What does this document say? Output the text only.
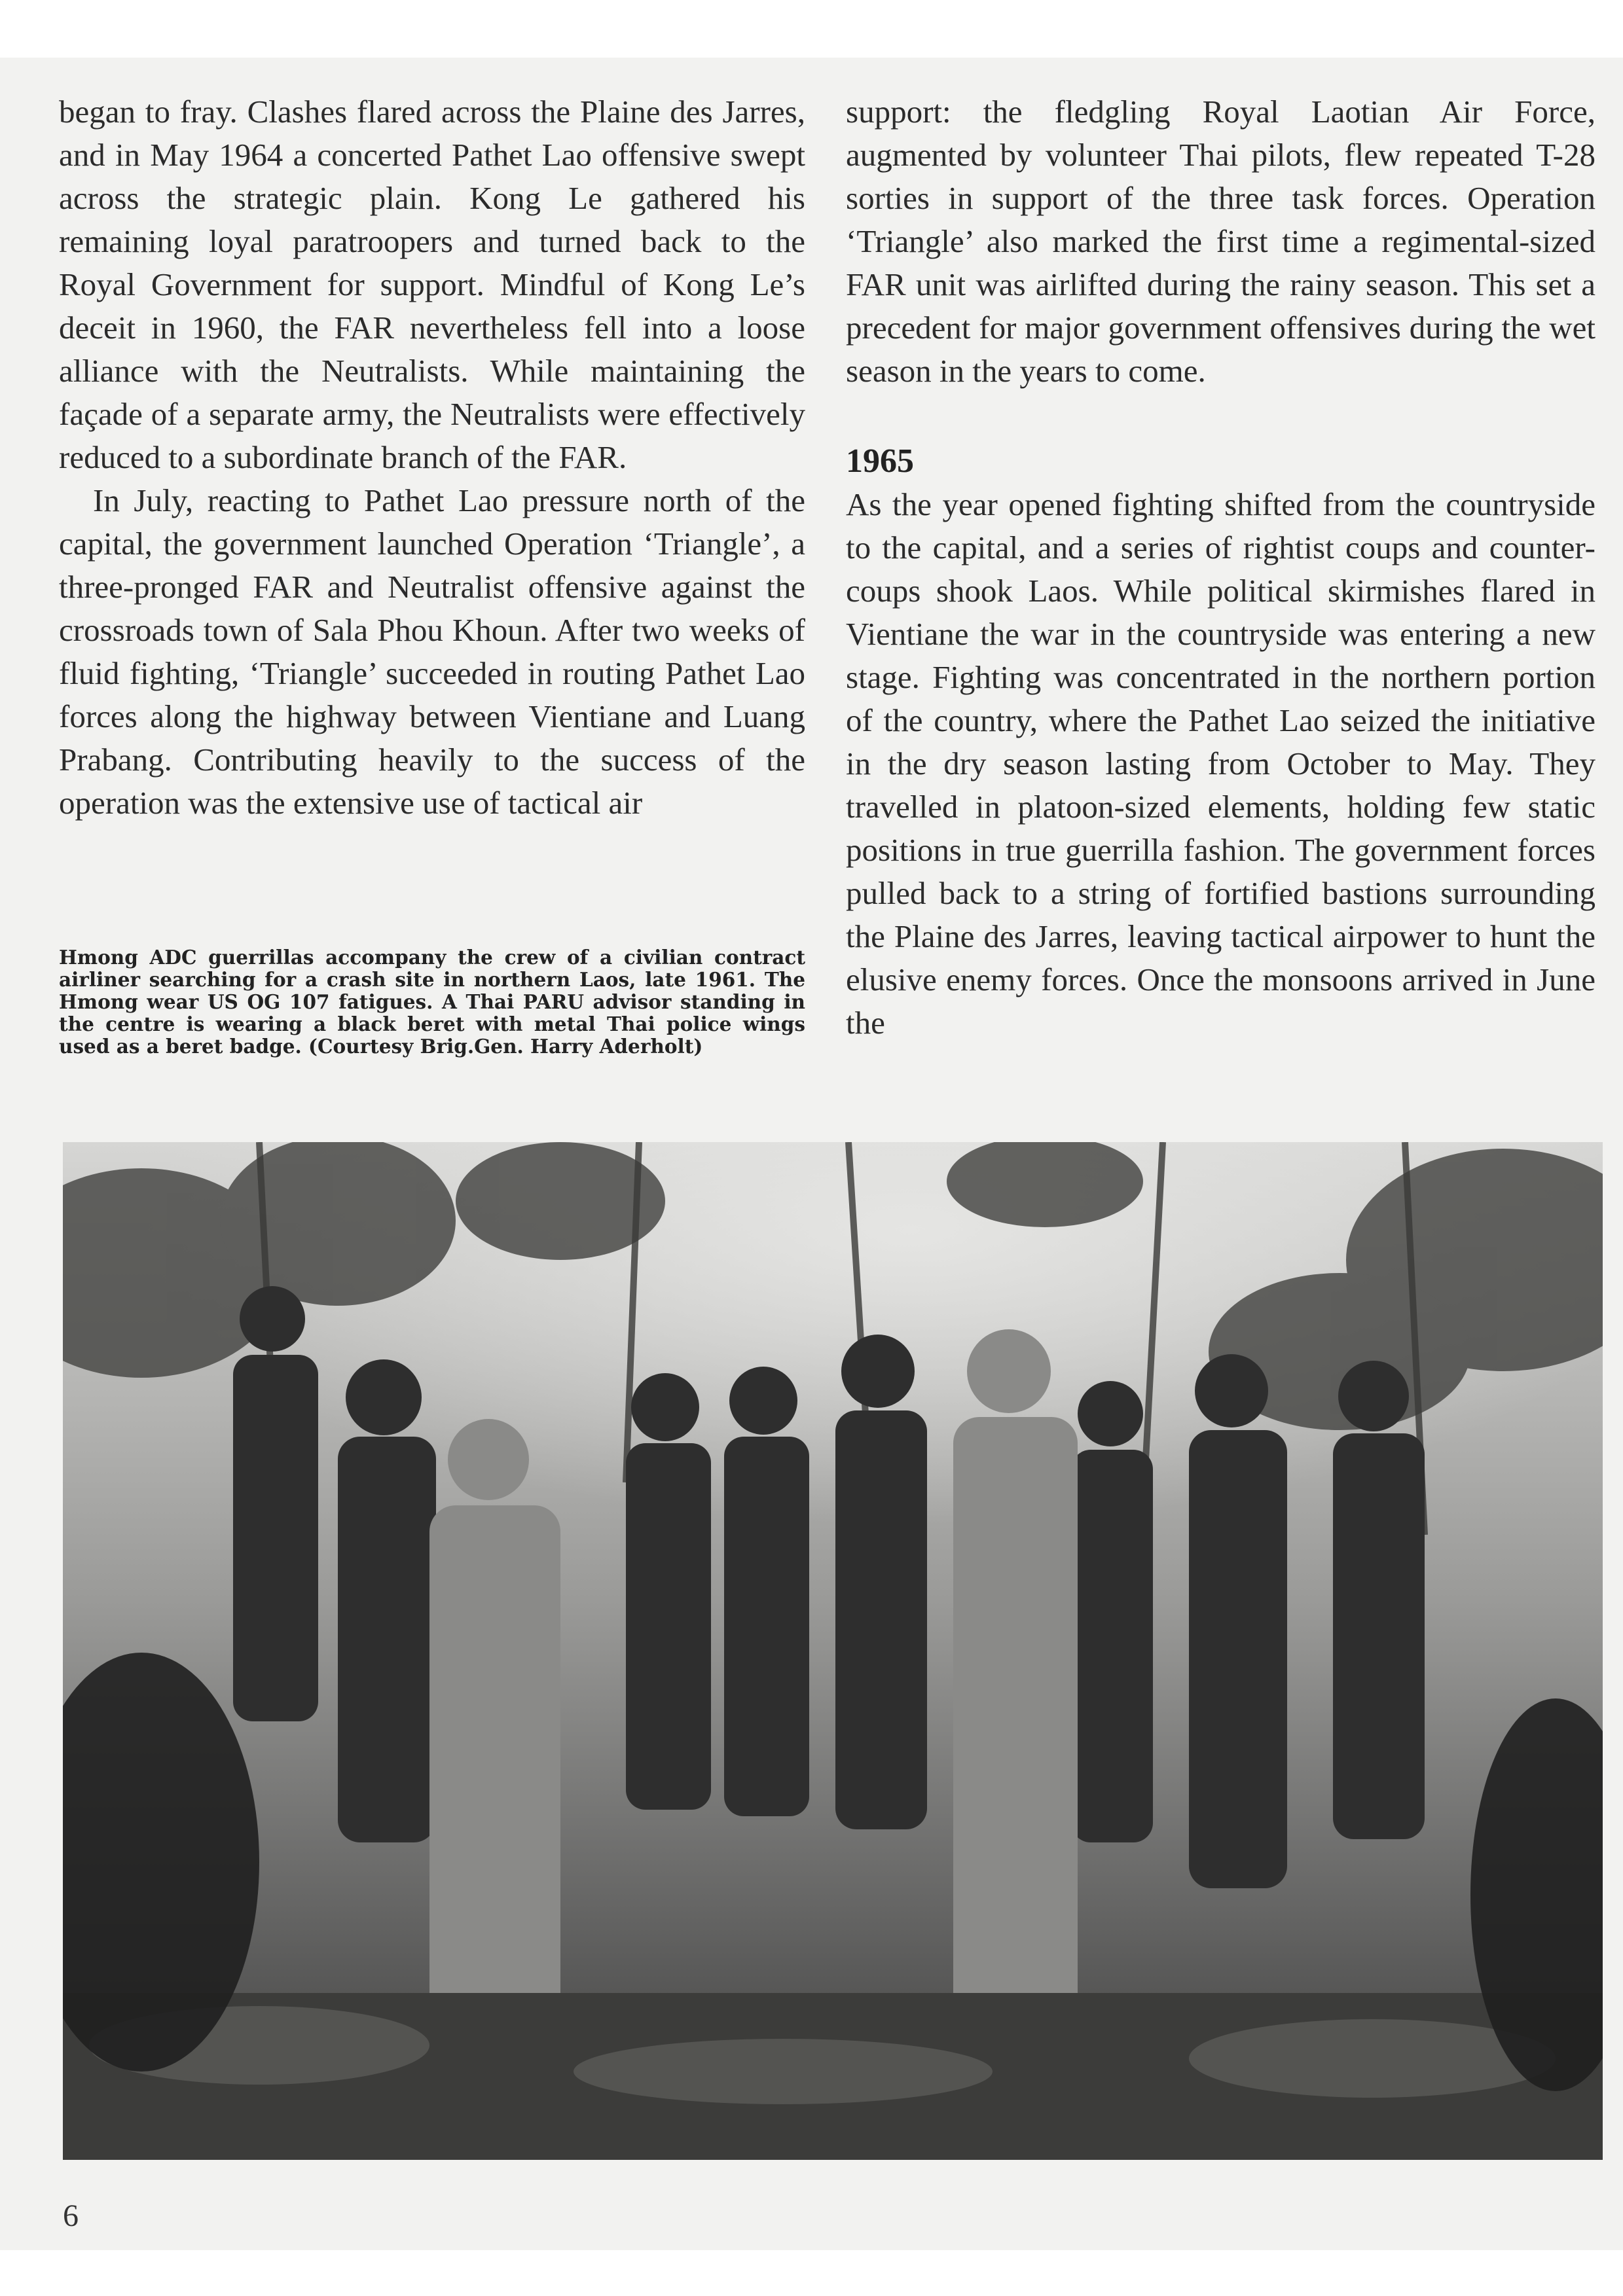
began to fray. Clashes flared across the Plaine des Jarres, and in May 1964 a concerted Pathet Lao offensive swept across the strategic plain. Kong Le gathered his remaining loyal paratroopers and turned back to the Royal Government for support. Mindful of Kong Le’s deceit in 1960, the FAR nevertheless fell into a loose alliance with the Neutralists. While maintaining the façade of a separate army, the Neutralists were effectively reduced to a subordinate branch of the FAR.

In July, reacting to Pathet Lao pressure north of the capital, the government launched Operation ‘Triangle’, a three-pronged FAR and Neutralist offensive against the crossroads town of Sala Phou Khoun. After two weeks of fluid fighting, ‘Triangle’ succeeded in routing Pathet Lao forces along the highway between Vientiane and Luang Prabang. Contributing heavily to the success of the operation was the extensive use of tactical air

Hmong ADC guerrillas accompany the crew of a civilian contract airliner searching for a crash site in northern Laos, late 1961. The Hmong wear US OG 107 fatigues. A Thai PARU advisor standing in the centre is wearing a black beret with metal Thai police wings used as a beret badge. (Courtesy Brig.Gen. Harry Aderholt)

support: the fledgling Royal Laotian Air Force, augmented by volunteer Thai pilots, flew repeated T-28 sorties in support of the three task forces. Operation ‘Triangle’ also marked the first time a regimental-sized FAR unit was airlifted during the rainy season. This set a precedent for major government offensives during the wet season in the years to come.

1965

As the year opened fighting shifted from the countryside to the capital, and a series of rightist coups and counter-coups shook Laos. While political skirmishes flared in Vientiane the war in the countryside was entering a new stage. Fighting was concentrated in the northern portion of the country, where the Pathet Lao seized the initiative in the dry season lasting from October to May. They travelled in platoon-sized elements, holding few static positions in true guerrilla fashion. The government forces pulled back to a string of fortified bastions surrounding the Plaine des Jarres, leaving tactical airpower to hunt the elusive enemy forces. Once the monsoons arrived in June the

6
